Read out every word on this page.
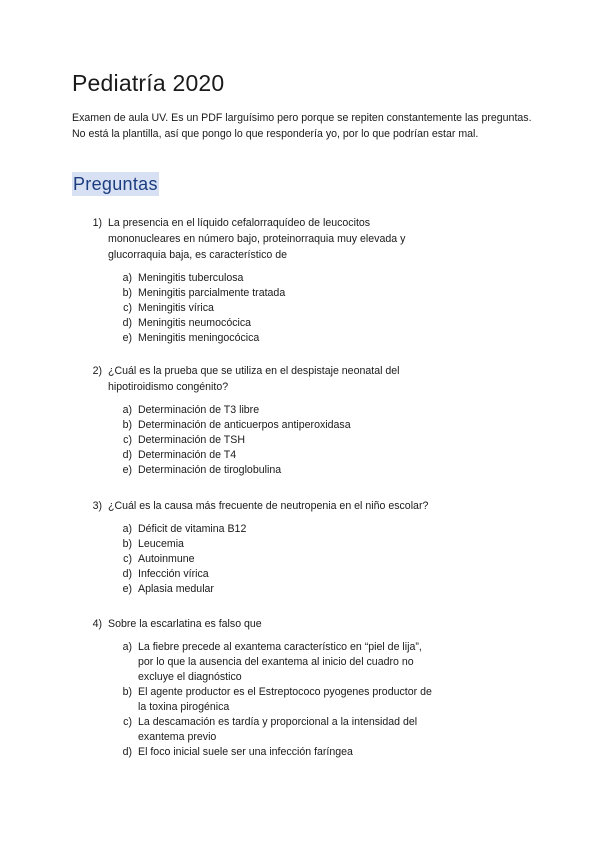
Pediatría 2020
Examen de aula UV. Es un PDF larguísimo pero porque se repiten constantemente las preguntas. No está la plantilla, así que pongo lo que respondería yo, por lo que podrían estar mal.
Preguntas
1) La presencia en el líquido cefalorraquídeo de leucocitos mononucleares en número bajo, proteinorraquia muy elevada y glucorraquia baja, es característico de
a) Meningitis tuberculosa
b) Meningitis parcialmente tratada
c) Meningitis vírica
d) Meningitis neumocócica
e) Meningitis meningocócica
2) ¿Cuál es la prueba que se utiliza en el despistaje neonatal del hipotiroidismo congénito?
a) Determinación de T3 libre
b) Determinación de anticuerpos antiperoxidasa
c) Determinación de TSH
d) Determinación de T4
e) Determinación de tiroglobulina
3) ¿Cuál es la causa más frecuente de neutropenia en el niño escolar?
a) Déficit de vitamina B12
b) Leucemia
c) Autoinmune
d) Infección vírica
e) Aplasia medular
4) Sobre la escarlatina es falso que
a) La fiebre precede al exantema característico en “piel de lija”, por lo que la ausencia del exantema al inicio del cuadro no excluye el diagnóstico
b) El agente productor es el Estreptococo pyogenes productor de la toxina pirogénica
c) La descamación es tardía y proporcional a la intensidad del exantema previo
d) El foco inicial suele ser una infección faríngea
